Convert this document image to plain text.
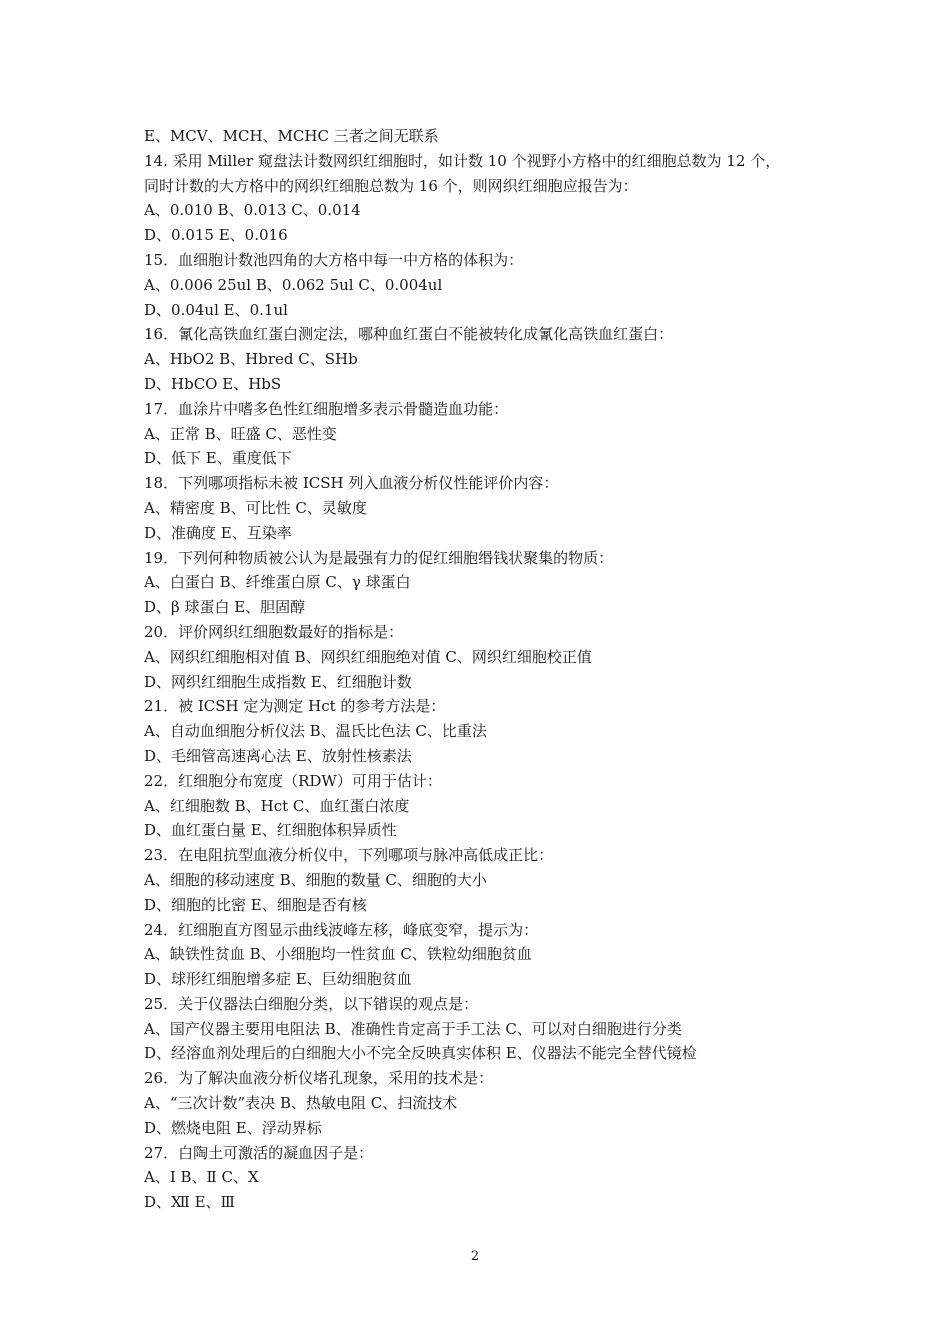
E、MCV、MCH、MCHC 三者之间无联系
14. 采用 Miller 窥盘法计数网织红细胞时，如计数 10 个视野小方格中的红细胞总数为 12 个，
同时计数的大方格中的网织红细胞总数为 16 个，则网织红细胞应报告为：
A、0.010 B、0.013 C、0.014
D、0.015 E、0.016
15．血细胞计数池四角的大方格中每一中方格的体积为：
A、0.006 25ul B、0.062 5ul C、0.004ul
D、0.04ul E、0.1ul
16．氰化高铁血红蛋白测定法，哪种血红蛋白不能被转化成氰化高铁血红蛋白：
A、HbO2 B、Hbred C、SHb
D、HbCO E、HbS
17．血涂片中嗜多色性红细胞增多表示骨髓造血功能：
A、正常 B、旺盛 C、恶性变
D、低下 E、重度低下
18．下列哪项指标未被 ICSH 列入血液分析仪性能评价内容：
A、精密度 B、可比性 C、灵敏度
D、准确度 E、互染率
19．下列何种物质被公认为是最强有力的促红细胞缗钱状聚集的物质：
A、白蛋白 B、纤维蛋白原 C、γ 球蛋白
D、β 球蛋白 E、胆固醇
20．评价网织红细胞数最好的指标是：
A、网织红细胞相对值 B、网织红细胞绝对值 C、网织红细胞校正值
D、网织红细胞生成指数 E、红细胞计数
21．被 ICSH 定为测定 Hct 的参考方法是：
A、自动血细胞分析仪法 B、温氏比色法 C、比重法
D、毛细管高速离心法 E、放射性核素法
22．红细胞分布宽度（RDW）可用于估计：
A、红细胞数 B、Hct C、血红蛋白浓度
D、血红蛋白量 E、红细胞体积异质性
23．在电阻抗型血液分析仪中，下列哪项与脉冲高低成正比：
A、细胞的移动速度 B、细胞的数量 C、细胞的大小
D、细胞的比密 E、细胞是否有核
24．红细胞直方图显示曲线波峰左移，峰底变窄，提示为：
A、缺铁性贫血 B、小细胞均一性贫血 C、铁粒幼细胞贫血
D、球形红细胞增多症 E、巨幼细胞贫血
25．关于仪器法白细胞分类，以下错误的观点是：
A、国产仪器主要用电阻法 B、准确性肯定高于手工法 C、可以对白细胞进行分类
D、经溶血剂处理后的白细胞大小不完全反映真实体积 E、仪器法不能完全替代镜检
26．为了解决血液分析仪堵孔现象，采用的技术是：
A、“三次计数”表决 B、热敏电阻 C、扫流技术
D、燃烧电阻 E、浮动界标
27．白陶土可激活的凝血因子是：
A、Ⅰ B、Ⅱ C、Ⅹ
D、Ⅻ E、Ⅲ
2
